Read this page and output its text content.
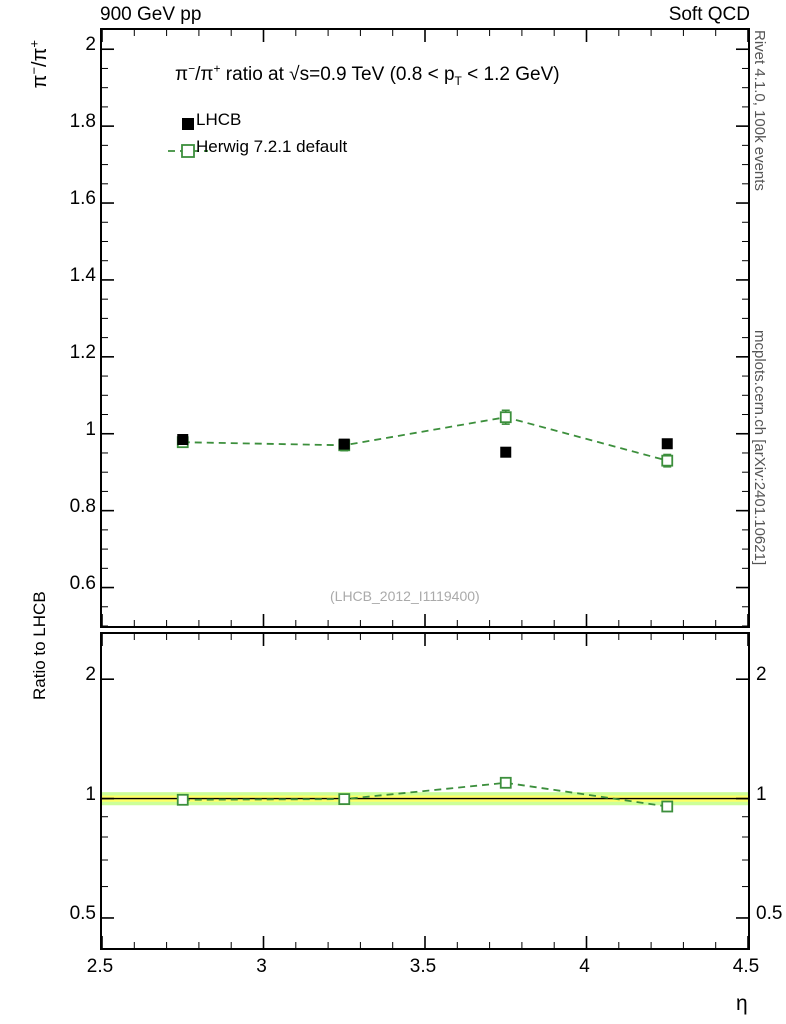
900 GeV pp	Soft QCD
Rivet 4.1.0, 100k events
mcplots.cern.ch [arXiv:2401.10621]
π−/π+
π−/π+ ratio at √s=0.9 TeV ($0.8 < p_T < 1.2$ GeV)
LHCB
Herwig 7.2.1 default
(LHCB_2012_I1119400)
Ratio to LHCB
η
0.6
0.8
1
1.2
1.4
1.6
1.8
2
0.5
1
2
0.5
1
2
2.5	3	3.5	4	4.5
